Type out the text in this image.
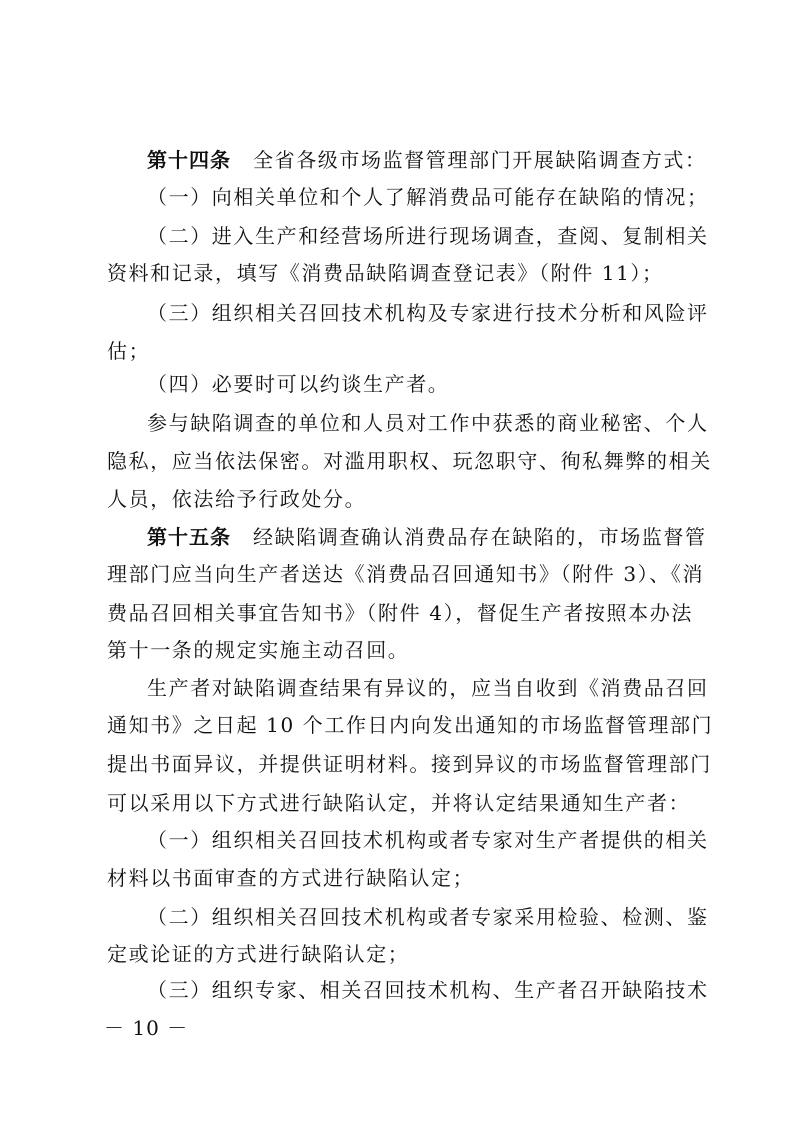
第十四条 全省各级市场监督管理部门开展缺陷调查方式：
（一）向相关单位和个人了解消费品可能存在缺陷的情况；
（二）进入生产和经营场所进行现场调查，查阅、复制相关
资料和记录，填写《消费品缺陷调查登记表》（附件 11）；
（三）组织相关召回技术机构及专家进行技术分析和风险评
估；
（四）必要时可以约谈生产者。
参与缺陷调查的单位和人员对工作中获悉的商业秘密、个人
隐私，应当依法保密。对滥用职权、玩忽职守、徇私舞弊的相关
人员，依法给予行政处分。
第十五条 经缺陷调查确认消费品存在缺陷的，市场监督管
理部门应当向生产者送达《消费品召回通知书》（附件 3）、《消
费品召回相关事宜告知书》（附件 4），督促生产者按照本办法
第十一条的规定实施主动召回。
生产者对缺陷调查结果有异议的，应当自收到《消费品召回
通知书》之日起 10 个工作日内向发出通知的市场监督管理部门
提出书面异议，并提供证明材料。接到异议的市场监督管理部门
可以采用以下方式进行缺陷认定，并将认定结果通知生产者：
（一）组织相关召回技术机构或者专家对生产者提供的相关
材料以书面审查的方式进行缺陷认定；
（二）组织相关召回技术机构或者专家采用检验、检测、鉴
定或论证的方式进行缺陷认定；
（三）组织专家、相关召回技术机构、生产者召开缺陷技术
－ 10 －
